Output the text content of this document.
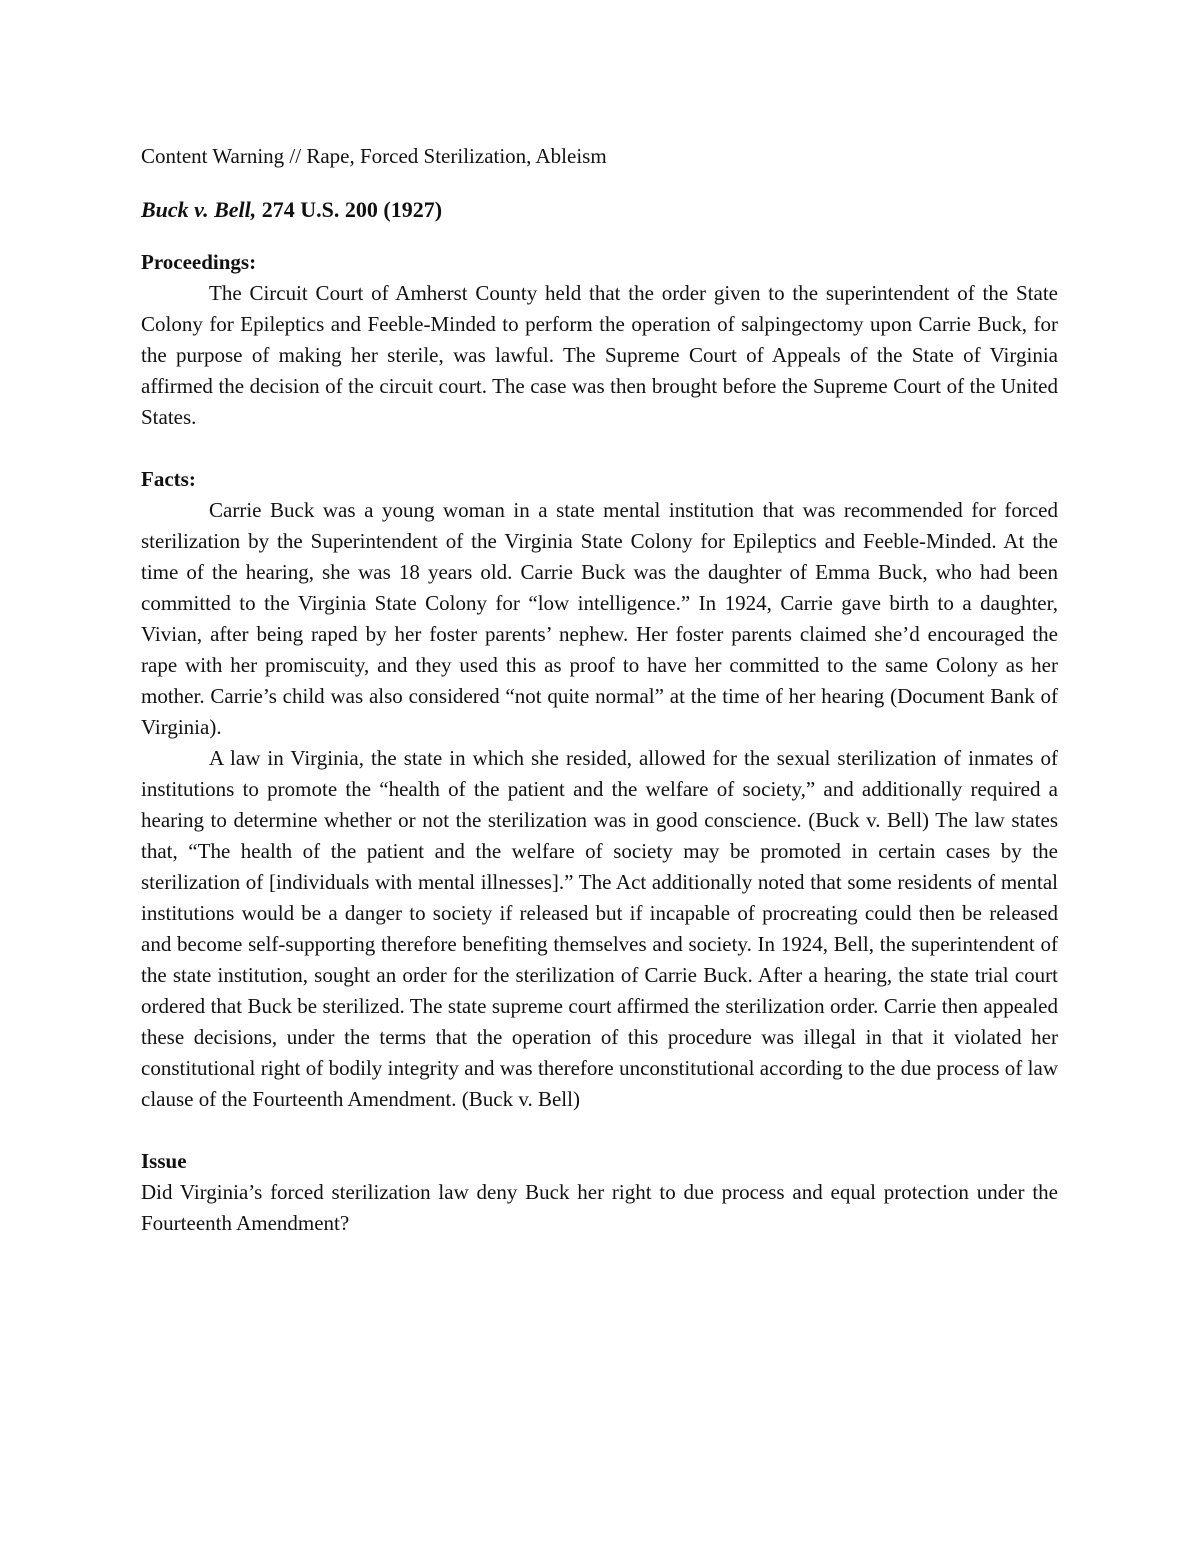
Content Warning // Rape, Forced Sterilization, Ableism

Buck v. Bell, 274 U.S. 200 (1927)

Proceedings:

The Circuit Court of Amherst County held that the order given to the superintendent of the State Colony for Epileptics and Feeble-Minded to perform the operation of salpingectomy upon Carrie Buck, for the purpose of making her sterile, was lawful. The Supreme Court of Appeals of the State of Virginia affirmed the decision of the circuit court. The case was then brought before the Supreme Court of the United States.

Facts:

Carrie Buck was a young woman in a state mental institution that was recommended for forced sterilization by the Superintendent of the Virginia State Colony for Epileptics and Feeble-Minded. At the time of the hearing, she was 18 years old. Carrie Buck was the daughter of Emma Buck, who had been committed to the Virginia State Colony for “low intelligence.” In 1924, Carrie gave birth to a daughter, Vivian, after being raped by her foster parents’ nephew. Her foster parents claimed she’d encouraged the rape with her promiscuity, and they used this as proof to have her committed to the same Colony as her mother. Carrie’s child was also considered “not quite normal” at the time of her hearing (Document Bank of Virginia).

A law in Virginia, the state in which she resided, allowed for the sexual sterilization of inmates of institutions to promote the “health of the patient and the welfare of society,” and additionally required a hearing to determine whether or not the sterilization was in good conscience. (Buck v. Bell) The law states that, “The health of the patient and the welfare of society may be promoted in certain cases by the sterilization of [individuals with mental illnesses].” The Act additionally noted that some residents of mental institutions would be a danger to society if released but if incapable of procreating could then be released and become self-supporting therefore benefiting themselves and society. In 1924, Bell, the superintendent of the state institution, sought an order for the sterilization of Carrie Buck. After a hearing, the state trial court ordered that Buck be sterilized. The state supreme court affirmed the sterilization order. Carrie then appealed these decisions, under the terms that the operation of this procedure was illegal in that it violated her constitutional right of bodily integrity and was therefore unconstitutional according to the due process of law clause of the Fourteenth Amendment. (Buck v. Bell)

Issue

Did Virginia’s forced sterilization law deny Buck her right to due process and equal protection under the Fourteenth Amendment?
